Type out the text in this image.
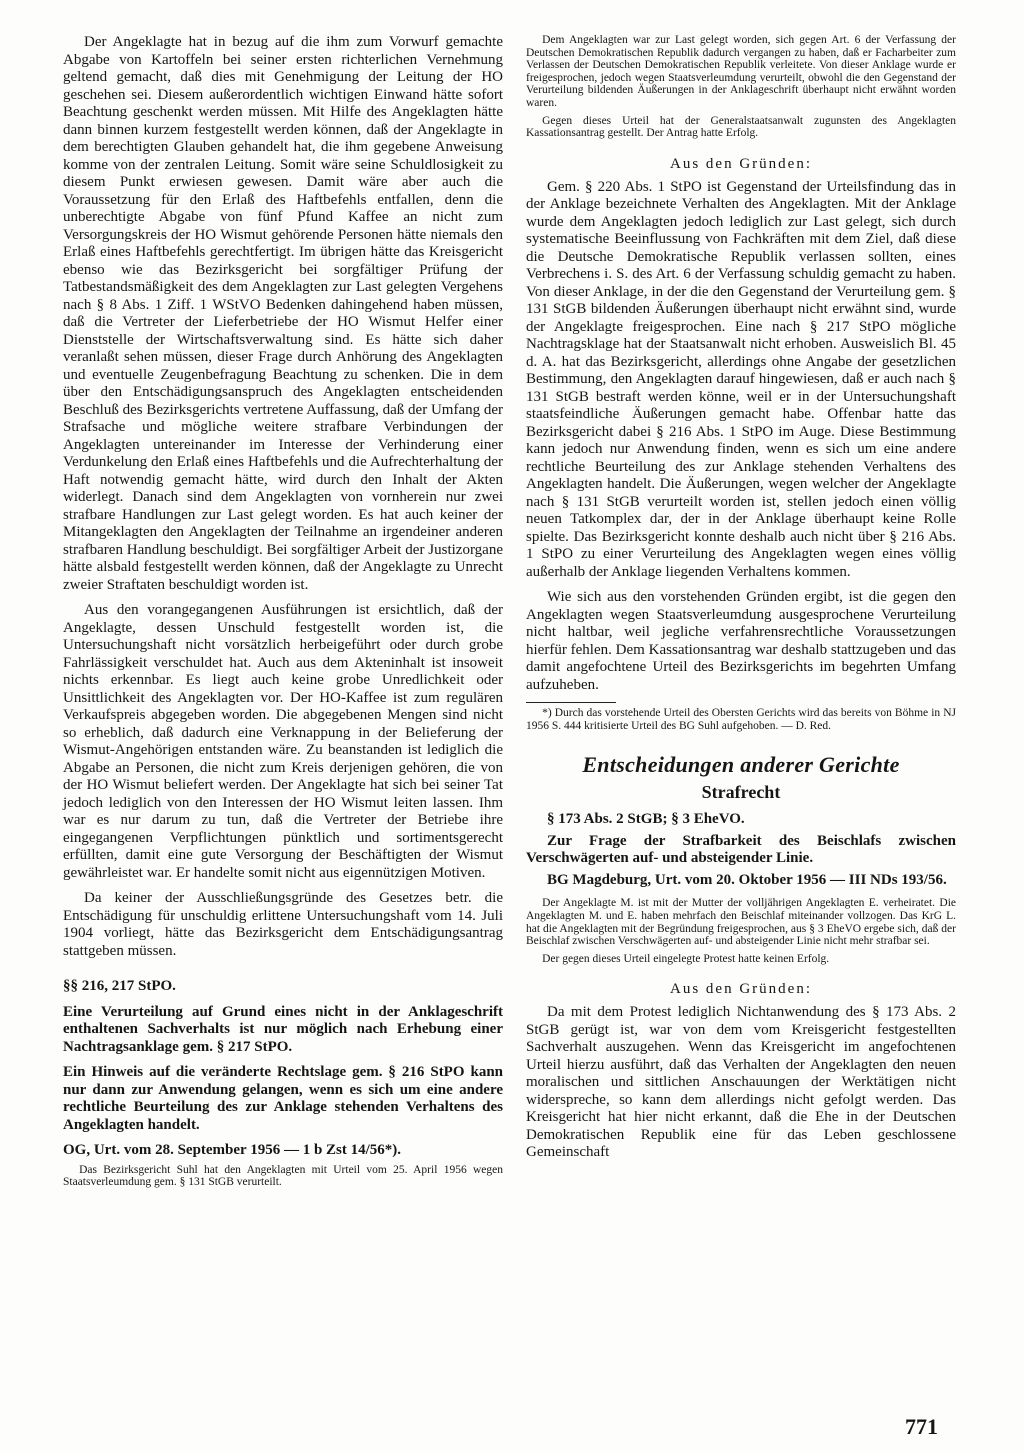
Der Angeklagte hat in bezug auf die ihm zum Vorwurf gemachte Abgabe von Kartoffeln bei seiner ersten richterlichen Vernehmung geltend gemacht, daß dies mit Genehmigung der Leitung der HO geschehen sei. Diesem außerordentlich wichtigen Einwand hätte sofort Beachtung geschenkt werden müssen. Mit Hilfe des Angeklagten hätte dann binnen kurzem festgestellt werden können, daß der Angeklagte in dem berechtigten Glauben gehandelt hat, die ihm gegebene Anweisung komme von der zentralen Leitung. Somit wäre seine Schuldlosigkeit zu diesem Punkt erwiesen gewesen. Damit wäre aber auch die Voraussetzung für den Erlaß des Haftbefehls entfallen, denn die unberechtigte Abgabe von fünf Pfund Kaffee an nicht zum Versorgungskreis der HO Wismut gehörende Personen hätte niemals den Erlaß eines Haftbefehls gerechtfertigt. Im übrigen hätte das Kreisgericht ebenso wie das Bezirksgericht bei sorgfältiger Prüfung der Tatbestandsmäßigkeit des dem Angeklagten zur Last gelegten Vergehens nach § 8 Abs. 1 Ziff. 1 WStVO Bedenken dahingehend haben müssen, daß die Vertreter der Lieferbetriebe der HO Wismut Helfer einer Dienststelle der Wirtschaftsverwaltung sind. Es hätte sich daher veranlaßt sehen müssen, dieser Frage durch Anhörung des Angeklagten und eventuelle Zeugenbefragung Beachtung zu schenken. Die in dem über den Entschädigungsanspruch des Angeklagten entscheidenden Beschluß des Bezirksgerichts vertretene Auffassung, daß der Umfang der Strafsache und mögliche weitere strafbare Verbindungen der Angeklagten untereinander im Interesse der Verhinderung einer Verdunkelung den Erlaß eines Haftbefehls und die Aufrechterhaltung der Haft notwendig gemacht hätte, wird durch den Inhalt der Akten widerlegt. Danach sind dem Angeklagten von vornherein nur zwei strafbare Handlungen zur Last gelegt worden. Es hat auch keiner der Mitangeklagten den Angeklagten der Teilnahme an irgendeiner anderen strafbaren Handlung beschuldigt. Bei sorgfältiger Arbeit der Justizorgane hätte alsbald festgestellt werden können, daß der Angeklagte zu Unrecht zweier Straftaten beschuldigt worden ist.

Aus den vorangegangenen Ausführungen ist ersichtlich, daß der Angeklagte, dessen Unschuld festgestellt worden ist, die Untersuchungshaft nicht vorsätzlich herbeigeführt oder durch grobe Fahrlässigkeit verschuldet hat. Auch aus dem Akteninhalt ist insoweit nichts erkennbar. Es liegt auch keine grobe Unredlichkeit oder Unsittlichkeit des Angeklagten vor. Der HO-Kaffee ist zum regulären Verkaufspreis abgegeben worden. Die abgegebenen Mengen sind nicht so erheblich, daß dadurch eine Verknappung in der Belieferung der Wismut-Angehörigen entstanden wäre. Zu beanstanden ist lediglich die Abgabe an Personen, die nicht zum Kreis derjenigen gehören, die von der HO Wismut beliefert werden. Der Angeklagte hat sich bei seiner Tat jedoch lediglich von den Interessen der HO Wismut leiten lassen. Ihm war es nur darum zu tun, daß die Vertreter der Betriebe ihre eingegangenen Verpflichtungen pünktlich und sortimentsgerecht erfüllten, damit eine gute Versorgung der Beschäftigten der Wismut gewährleistet war. Er handelte somit nicht aus eigennützigen Motiven.

Da keiner der Ausschließungsgründe des Gesetzes betr. die Entschädigung für unschuldig erlittene Untersuchungshaft vom 14. Juli 1904 vorliegt, hätte das Bezirksgericht dem Entschädigungsantrag stattgeben müssen.

§§ 216, 217 StPO.

Eine Verurteilung auf Grund eines nicht in der Anklageschrift enthaltenen Sachverhalts ist nur möglich nach Erhebung einer Nachtragsanklage gem. § 217 StPO.

Ein Hinweis auf die veränderte Rechtslage gem. § 216 StPO kann nur dann zur Anwendung gelangen, wenn es sich um eine andere rechtliche Beurteilung des zur Anklage stehenden Verhaltens des Angeklagten handelt.

OG, Urt. vom 28. September 1956 — 1 b Zst 14/56*).

Das Bezirksgericht Suhl hat den Angeklagten mit Urteil vom 25. April 1956 wegen Staatsverleumdung gem. § 131 StGB verurteilt.

Dem Angeklagten war zur Last gelegt worden, sich gegen Art. 6 der Verfassung der Deutschen Demokratischen Republik dadurch vergangen zu haben, daß er Facharbeiter zum Verlassen der Deutschen Demokratischen Republik verleitete. Von dieser Anklage wurde er freigesprochen, jedoch wegen Staatsverleumdung verurteilt, obwohl die den Gegenstand der Verurteilung bildenden Äußerungen in der Anklageschrift überhaupt nicht erwähnt worden waren.

Gegen dieses Urteil hat der Generalstaatsanwalt zugunsten des Angeklagten Kassationsantrag gestellt. Der Antrag hatte Erfolg.

Aus den Gründen:

Gem. § 220 Abs. 1 StPO ist Gegenstand der Urteilsfindung das in der Anklage bezeichnete Verhalten des Angeklagten. Mit der Anklage wurde dem Angeklagten jedoch lediglich zur Last gelegt, sich durch systematische Beeinflussung von Fachkräften mit dem Ziel, daß diese die Deutsche Demokratische Republik verlassen sollten, eines Verbrechens i. S. des Art. 6 der Verfassung schuldig gemacht zu haben. Von dieser Anklage, in der die den Gegenstand der Verurteilung gem. § 131 StGB bildenden Äußerungen überhaupt nicht erwähnt sind, wurde der Angeklagte freigesprochen. Eine nach § 217 StPO mögliche Nachtragsklage hat der Staatsanwalt nicht erhoben. Ausweislich Bl. 45 d. A. hat das Bezirksgericht, allerdings ohne Angabe der gesetzlichen Bestimmung, den Angeklagten darauf hingewiesen, daß er auch nach § 131 StGB bestraft werden könne, weil er in der Untersuchungshaft staatsfeindliche Äußerungen gemacht habe. Offenbar hatte das Bezirksgericht dabei § 216 Abs. 1 StPO im Auge. Diese Bestimmung kann jedoch nur Anwendung finden, wenn es sich um eine andere rechtliche Beurteilung des zur Anklage stehenden Verhaltens des Angeklagten handelt. Die Äußerungen, wegen welcher der Angeklagte nach § 131 StGB verurteilt worden ist, stellen jedoch einen völlig neuen Tatkomplex dar, der in der Anklage überhaupt keine Rolle spielte. Das Bezirksgericht konnte deshalb auch nicht über § 216 Abs. 1 StPO zu einer Verurteilung des Angeklagten wegen eines völlig außerhalb der Anklage liegenden Verhaltens kommen.

Wie sich aus den vorstehenden Gründen ergibt, ist die gegen den Angeklagten wegen Staatsverleumdung ausgesprochene Verurteilung nicht haltbar, weil jegliche verfahrensrechtliche Voraussetzungen hierfür fehlen. Dem Kassationsantrag war deshalb stattzugeben und das damit angefochtene Urteil des Bezirksgerichts im begehrten Umfang aufzuheben.

*) Durch das vorstehende Urteil des Obersten Gerichts wird das bereits von Böhme in NJ 1956 S. 444 kritisierte Urteil des BG Suhl aufgehoben. — D. Red.

Entscheidungen anderer Gerichte

Strafrecht

§ 173 Abs. 2 StGB; § 3 EheVO.

Zur Frage der Strafbarkeit des Beischlafs zwischen Verschwägerten auf- und absteigender Linie.

BG Magdeburg, Urt. vom 20. Oktober 1956 — III NDs 193/56.

Der Angeklagte M. ist mit der Mutter der volljährigen Angeklagten E. verheiratet. Die Angeklagten M. und E. haben mehrfach den Beischlaf miteinander vollzogen. Das KrG L. hat die Angeklagten mit der Begründung freigesprochen, aus § 3 EheVO ergebe sich, daß der Beischlaf zwischen Verschwägerten auf- und absteigender Linie nicht mehr strafbar sei.

Der gegen dieses Urteil eingelegte Protest hatte keinen Erfolg.

Aus den Gründen:

Da mit dem Protest lediglich Nichtanwendung des § 173 Abs. 2 StGB gerügt ist, war von dem vom Kreisgericht festgestellten Sachverhalt auszugehen. Wenn das Kreisgericht im angefochtenen Urteil hierzu ausführt, daß das Verhalten der Angeklagten den neuen moralischen und sittlichen Anschauungen der Werktätigen nicht widerspreche, so kann dem allerdings nicht gefolgt werden. Das Kreisgericht hat hier nicht erkannt, daß die Ehe in der Deutschen Demokratischen Republik eine für das Leben geschlossene Gemeinschaft

771
